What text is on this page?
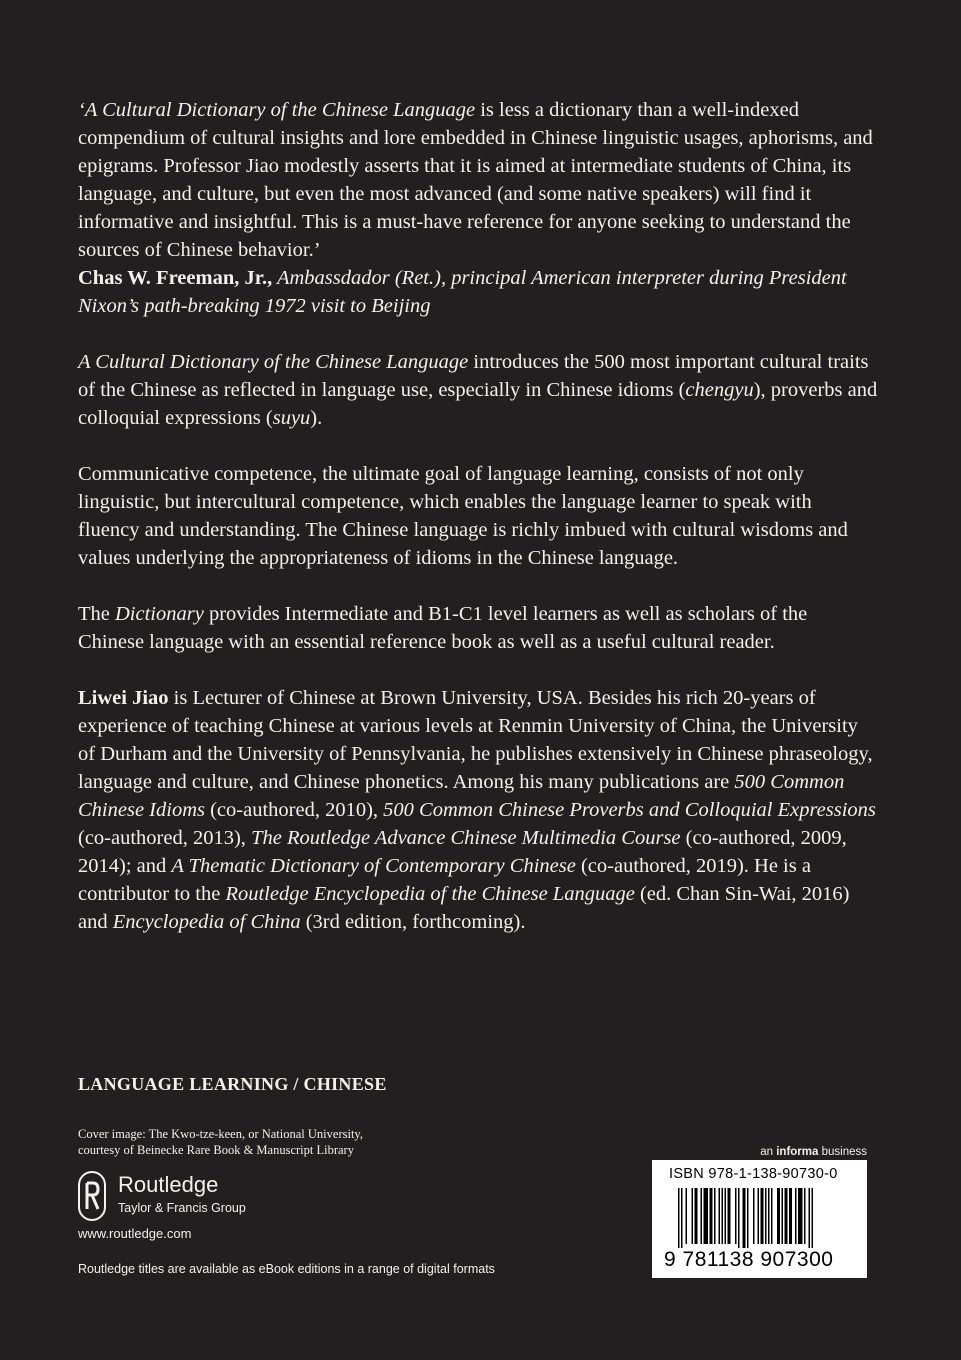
‘A Cultural Dictionary of the Chinese Language is less a dictionary than a well-indexed compendium of cultural insights and lore embedded in Chinese linguistic usages, aphorisms, and epigrams. Professor Jiao modestly asserts that it is aimed at intermediate students of China, its language, and culture, but even the most advanced (and some native speakers) will find it informative and insightful. This is a must-have reference for anyone seeking to understand the sources of Chinese behavior.’

Chas W. Freeman, Jr., Ambassdador (Ret.), principal American interpreter during President Nixon’s path-breaking 1972 visit to Beijing

A Cultural Dictionary of the Chinese Language introduces the 500 most important cultural traits of the Chinese as reflected in language use, especially in Chinese idioms (chengyu), proverbs and colloquial expressions (suyu).

Communicative competence, the ultimate goal of language learning, consists of not only linguistic, but intercultural competence, which enables the language learner to speak with fluency and understanding. The Chinese language is richly imbued with cultural wisdoms and values underlying the appropriateness of idioms in the Chinese language.

The Dictionary provides Intermediate and B1-C1 level learners as well as scholars of the Chinese language with an essential reference book as well as a useful cultural reader.

Liwei Jiao is Lecturer of Chinese at Brown University, USA. Besides his rich 20-years of experience of teaching Chinese at various levels at Renmin University of China, the University of Durham and the University of Pennsylvania, he publishes extensively in Chinese phraseology, language and culture, and Chinese phonetics. Among his many publications are 500 Common Chinese Idioms (co-authored, 2010), 500 Common Chinese Proverbs and Colloquial Expressions (co-authored, 2013), The Routledge Advance Chinese Multimedia Course (co-authored, 2009, 2014); and A Thematic Dictionary of Contemporary Chinese (co-authored, 2019). He is a contributor to the Routledge Encyclopedia of the Chinese Language (ed. Chan Sin-Wai, 2016) and Encyclopedia of China (3rd edition, forthcoming).

LANGUAGE LEARNING / CHINESE
Cover image: The Kwo-tze-keen, or National University,
courtesy of Beinecke Rare Book & Manuscript Library
Routledge
Taylor & Francis Group
www.routledge.com
Routledge titles are available as eBook editions in a range of digital formats
an informa business
ISBN 978-1-138-90730-0
9 781138 907300
